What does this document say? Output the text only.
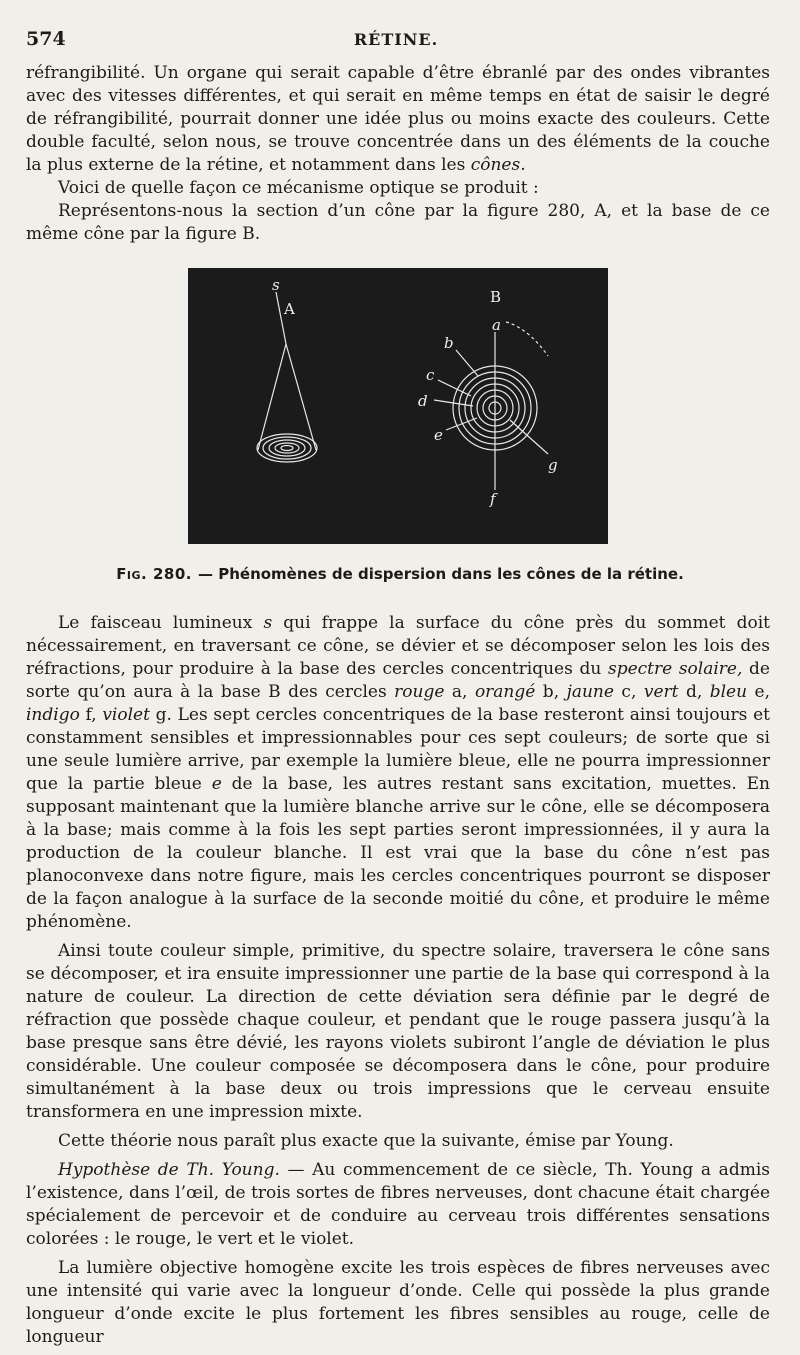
574	RÉTINE.

réfrangibilité. Un organe qui serait capable d’être ébranlé par des ondes vibrantes avec des vitesses différentes, et qui serait en même temps en état de saisir le degré de réfrangibilité, pourrait donner une idée plus ou moins exacte des couleurs. Cette double faculté, selon nous, se trouve concentrée dans un des éléments de la couche la plus externe de la rétine, et notamment dans les cônes.

Voici de quelle façon ce mécanisme optique se produit :

Représentons-nous la section d’un cône par la figure 280, A, et la base de ce même cône par la figure B.

s
A
B
a
b
c
d
e
f
g
Fig. 280. — Phénomènes de dispersion dans les cônes de la rétine.

Le faisceau lumineux s qui frappe la surface du cône près du sommet doit nécessairement, en traversant ce cône, se dévier et se décomposer selon les lois des réfractions, pour produire à la base des cercles concentriques du spectre solaire, de sorte qu’on aura à la base B des cercles rouge a, orangé b, jaune c, vert d, bleu e, indigo f, violet g. Les sept cercles concentriques de la base resteront ainsi toujours et constamment sensibles et impressionnables pour ces sept couleurs; de sorte que si une seule lumière arrive, par exemple la lumière bleue, elle ne pourra impressionner que la partie bleue e de la base, les autres restant sans excitation, muettes. En supposant maintenant que la lumière blanche arrive sur le cône, elle se décomposera à la base; mais comme à la fois les sept parties seront impressionnées, il y aura la production de la couleur blanche. Il est vrai que la base du cône n’est pas planoconvexe dans notre figure, mais les cercles concentriques pourront se disposer de la façon analogue à la surface de la seconde moitié du cône, et produire le même phénomène.

Ainsi toute couleur simple, primitive, du spectre solaire, traversera le cône sans se décomposer, et ira ensuite impressionner une partie de la base qui correspond à la nature de couleur. La direction de cette déviation sera définie par le degré de réfraction que possède chaque couleur, et pendant que le rouge passera jusqu’à la base presque sans être dévié, les rayons violets subiront l’angle de déviation le plus considérable. Une couleur composée se décomposera dans le cône, pour produire simultanément à la base deux ou trois impressions que le cerveau ensuite transformera en une impression mixte.

Cette théorie nous paraît plus exacte que la suivante, émise par Young.

Hypothèse de Th. Young. — Au commencement de ce siècle, Th. Young a admis l’existence, dans l’œil, de trois sortes de fibres nerveuses, dont chacune était chargée spécialement de percevoir et de conduire au cerveau trois différentes sensations colorées : le rouge, le vert et le violet.

La lumière objective homogène excite les trois espèces de fibres nerveuses avec une intensité qui varie avec la longueur d’onde. Celle qui possède la plus grande longueur d’onde excite le plus fortement les fibres sensibles au rouge, celle de longueur
